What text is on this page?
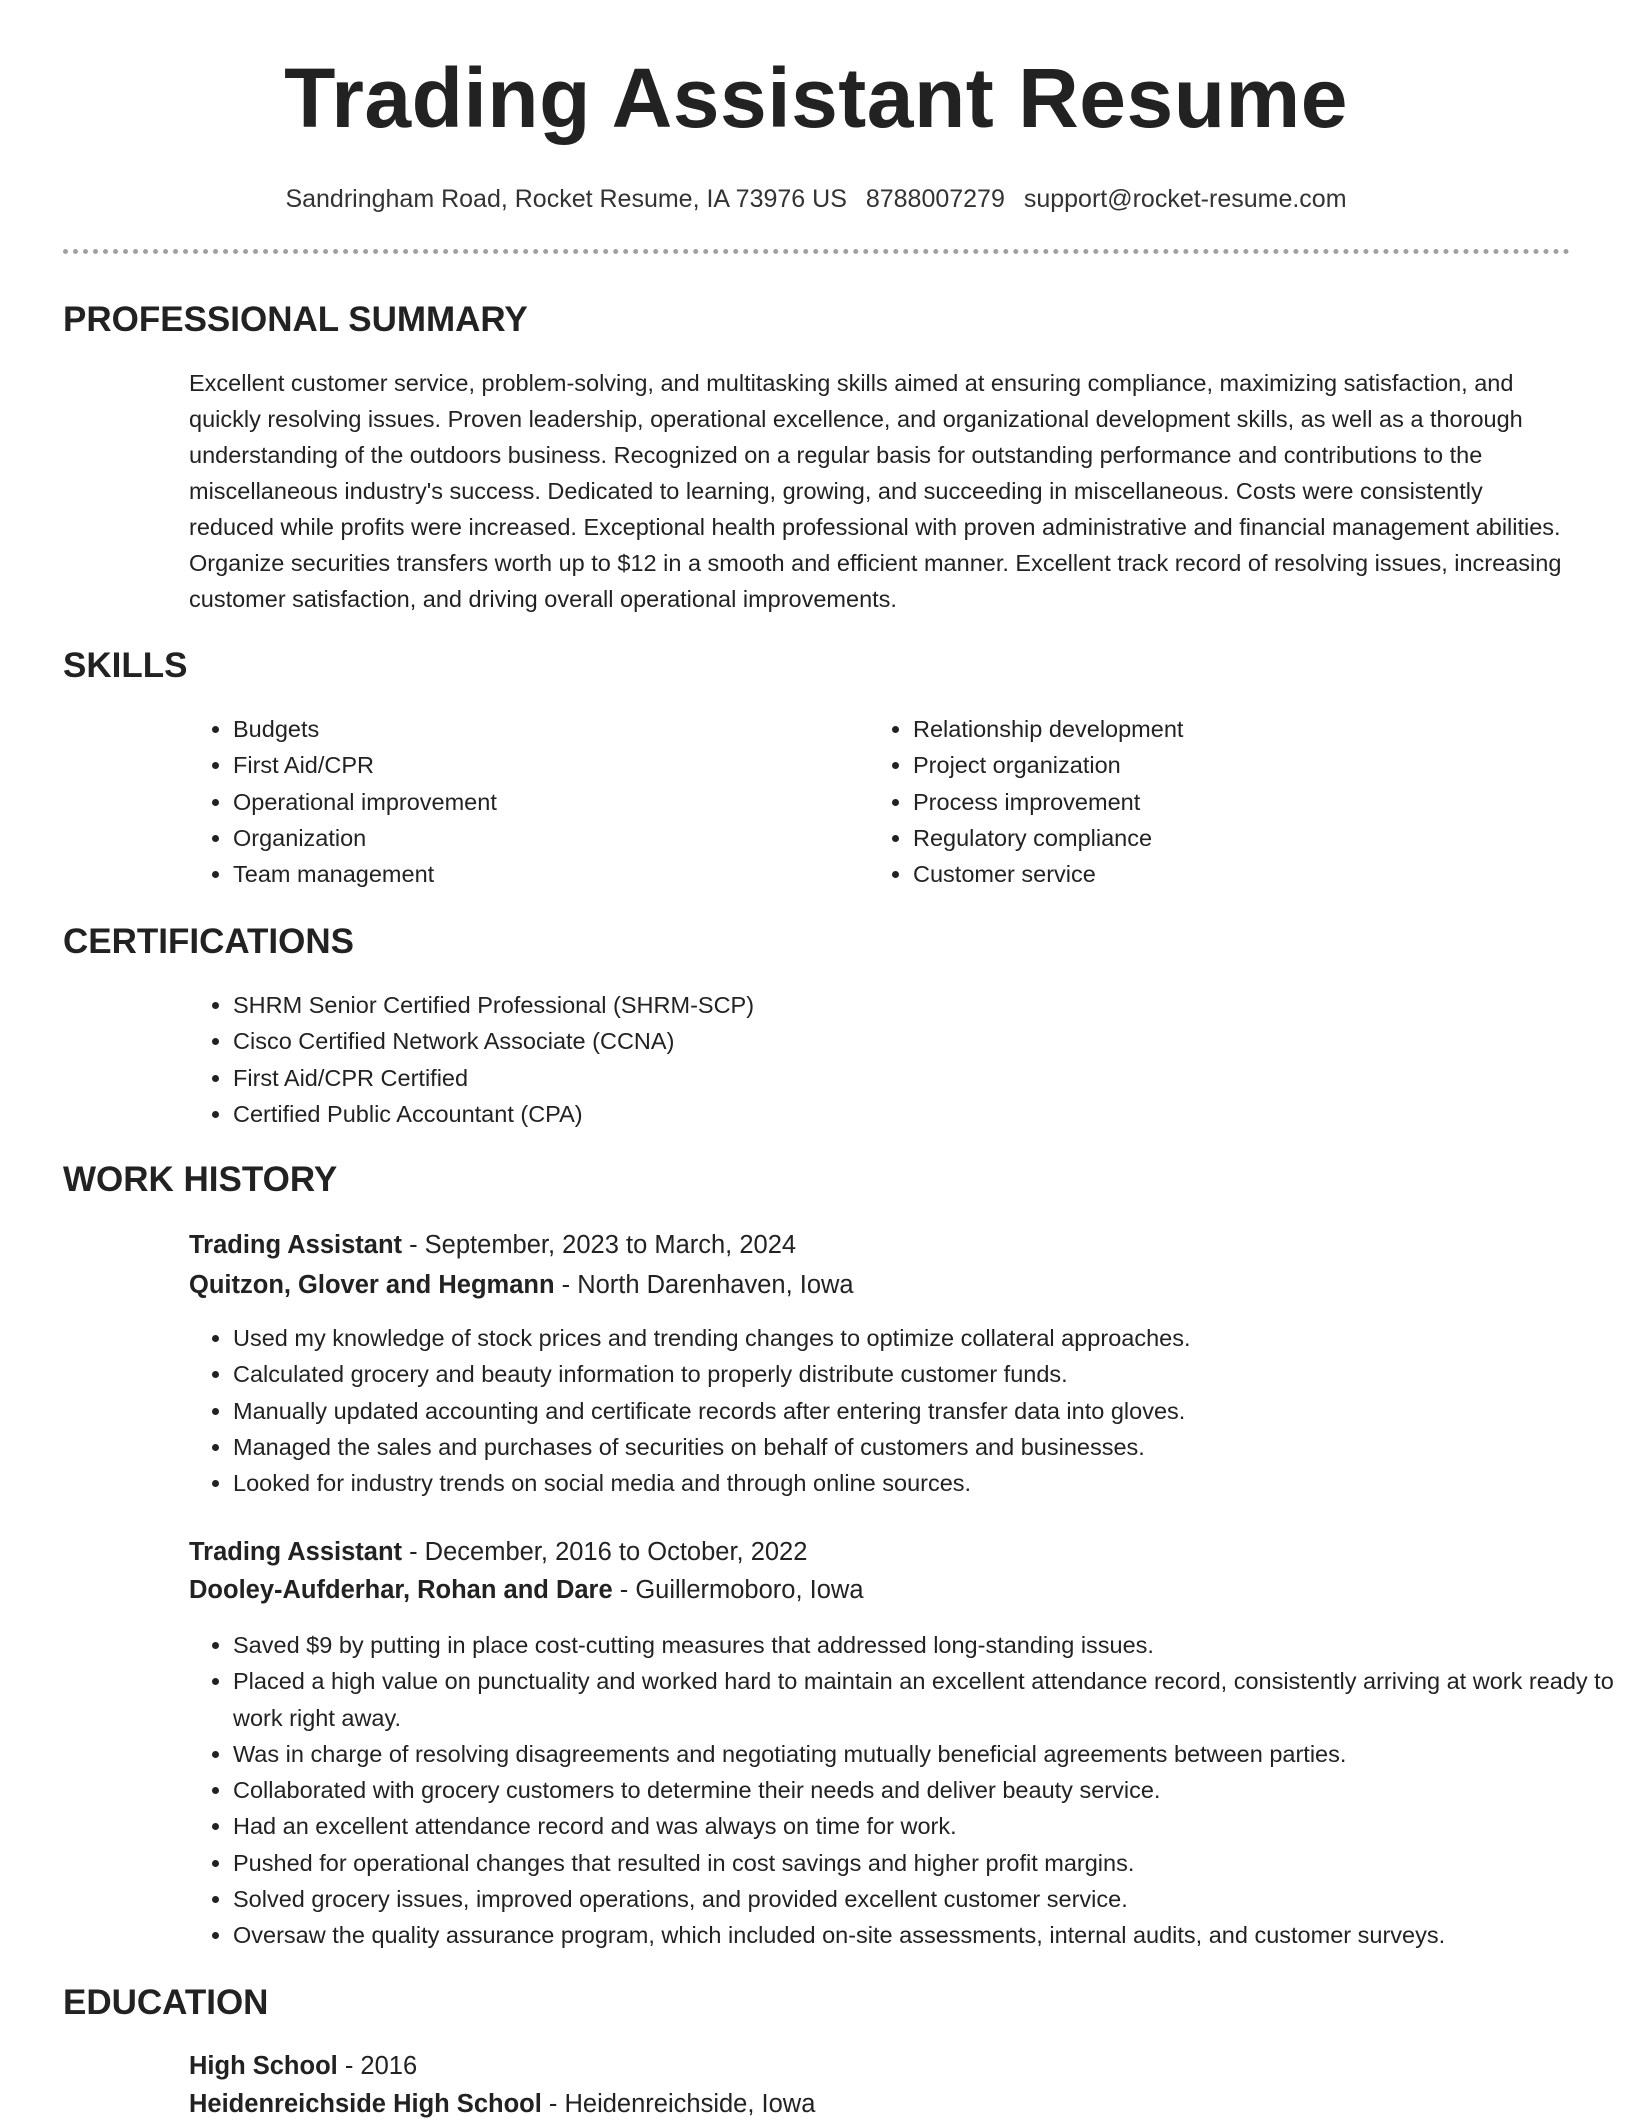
Trading Assistant Resume
Sandringham Road, Rocket Resume, IA 73976 US 8788007279 support@rocket-resume.com
PROFESSIONAL SUMMARY

Excellent customer service, problem-solving, and multitasking skills aimed at ensuring compliance, maximizing satisfaction, and quickly resolving issues. Proven leadership, operational excellence, and organizational development skills, as well as a thorough understanding of the outdoors business. Recognized on a regular basis for outstanding performance and contributions to the miscellaneous industry's success. Dedicated to learning, growing, and succeeding in miscellaneous. Costs were consistently reduced while profits were increased. Exceptional health professional with proven administrative and financial management abilities. Organize securities transfers worth up to $12 in a smooth and efficient manner. Excellent track record of resolving issues, increasing customer satisfaction, and driving overall operational improvements.

SKILLS
• Budgets
• First Aid/CPR
• Operational improvement
• Organization
• Team management
• Relationship development
• Project organization
• Process improvement
• Regulatory compliance
• Customer service
CERTIFICATIONS
• SHRM Senior Certified Professional (SHRM-SCP)
• Cisco Certified Network Associate (CCNA)
• First Aid/CPR Certified
• Certified Public Accountant (CPA)
WORK HISTORY
Trading Assistant - September, 2023 to March, 2024
Quitzon, Glover and Hegmann - North Darenhaven, Iowa
• Used my knowledge of stock prices and trending changes to optimize collateral approaches.
• Calculated grocery and beauty information to properly distribute customer funds.
• Manually updated accounting and certificate records after entering transfer data into gloves.
• Managed the sales and purchases of securities on behalf of customers and businesses.
• Looked for industry trends on social media and through online sources.
Trading Assistant - December, 2016 to October, 2022
Dooley-Aufderhar, Rohan and Dare - Guillermoboro, Iowa
• Saved $9 by putting in place cost-cutting measures that addressed long-standing issues.
• Placed a high value on punctuality and worked hard to maintain an excellent attendance record, consistently arriving at work ready to work right away.
• Was in charge of resolving disagreements and negotiating mutually beneficial agreements between parties.
• Collaborated with grocery customers to determine their needs and deliver beauty service.
• Had an excellent attendance record and was always on time for work.
• Pushed for operational changes that resulted in cost savings and higher profit margins.
• Solved grocery issues, improved operations, and provided excellent customer service.
• Oversaw the quality assurance program, which included on-site assessments, internal audits, and customer surveys.
EDUCATION
High School - 2016
Heidenreichside High School - Heidenreichside, Iowa
